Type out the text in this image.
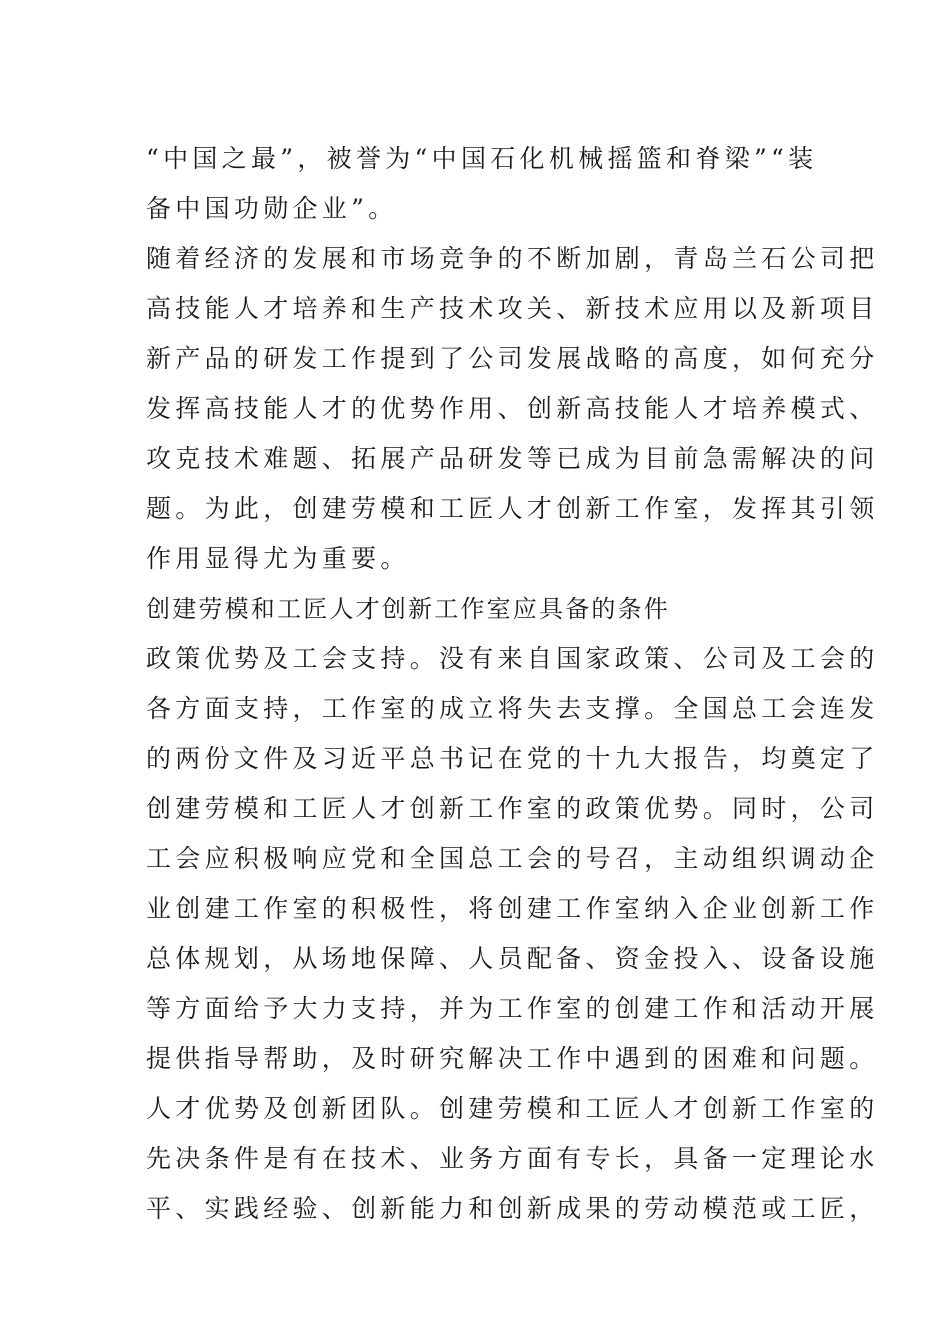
“中国之最”，被誉为“中国石化机械摇篮和脊梁”“装
备中国功勋企业”。
随着经济的发展和市场竞争的不断加剧，青岛兰石公司把
高技能人才培养和生产技术攻关、新技术应用以及新项目
新产品的研发工作提到了公司发展战略的高度，如何充分
发挥高技能人才的优势作用、创新高技能人才培养模式、
攻克技术难题、拓展产品研发等已成为目前急需解决的问
题。为此，创建劳模和工匠人才创新工作室，发挥其引领
作用显得尤为重要。
创建劳模和工匠人才创新工作室应具备的条件
政策优势及工会支持。没有来自国家政策、公司及工会的
各方面支持，工作室的成立将失去支撑。全国总工会连发
的两份文件及习近平总书记在党的十九大报告，均奠定了
创建劳模和工匠人才创新工作室的政策优势。同时，公司
工会应积极响应党和全国总工会的号召，主动组织调动企
业创建工作室的积极性，将创建工作室纳入企业创新工作
总体规划，从场地保障、人员配备、资金投入、设备设施
等方面给予大力支持，并为工作室的创建工作和活动开展
提供指导帮助，及时研究解决工作中遇到的困难和问题。
人才优势及创新团队。创建劳模和工匠人才创新工作室的
先决条件是有在技术、业务方面有专长，具备一定理论水
平、实践经验、创新能力和创新成果的劳动模范或工匠，
